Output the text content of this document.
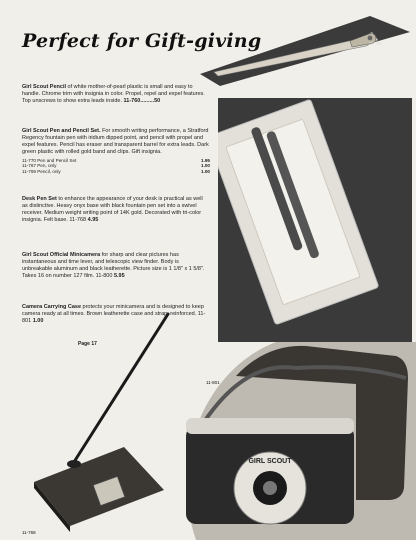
Perfect for Gift-giving	11-760
11-770
GIRL SCOUT
11-801
11-768

Girl Scout Pencil of white mother-of-pearl plastic is small and easy to handle. Chrome trim with insignia in color. Propel, repel and expel features. Top unscrews to show extra leads inside. 11-760.........50

Girl Scout Pen and Pencil Set. For smooth writing performance, a Stratford Regency fountain pen with iridium dipped point, and pencil with propel and expel features. Pencil has eraser and transparent barrel for extra leads. Dark green plastic with rolled gold band and clips. Gift insignia.

11-770 Pen and Pencil Set	1.95
11-767 Pen, only	1.00
11-769 Pencil, only	1.00

Desk Pen Set to enhance the appearance of your desk is practical as well as distinctive. Heavy onyx base with black fountain pen set into a swivel receiver. Medium weight writing point of 14K gold. Decorated with tri-color insignia. Felt base. 11-768 4.95

Girl Scout Official Minicamera for sharp and clear pictures has instantaneous and time lever, and telescopic view finder. Body is unbreakable aluminum and black leatherette. Picture size is 1 1/8" x 1 5/8". Takes 16 on number 127 film. 11-800 5.95

Camera Carrying Case protects your minicamera and is designed to keep camera ready at all times. Brown leatherette case and strap, reinforced. 11-801 1.00

Page 17
